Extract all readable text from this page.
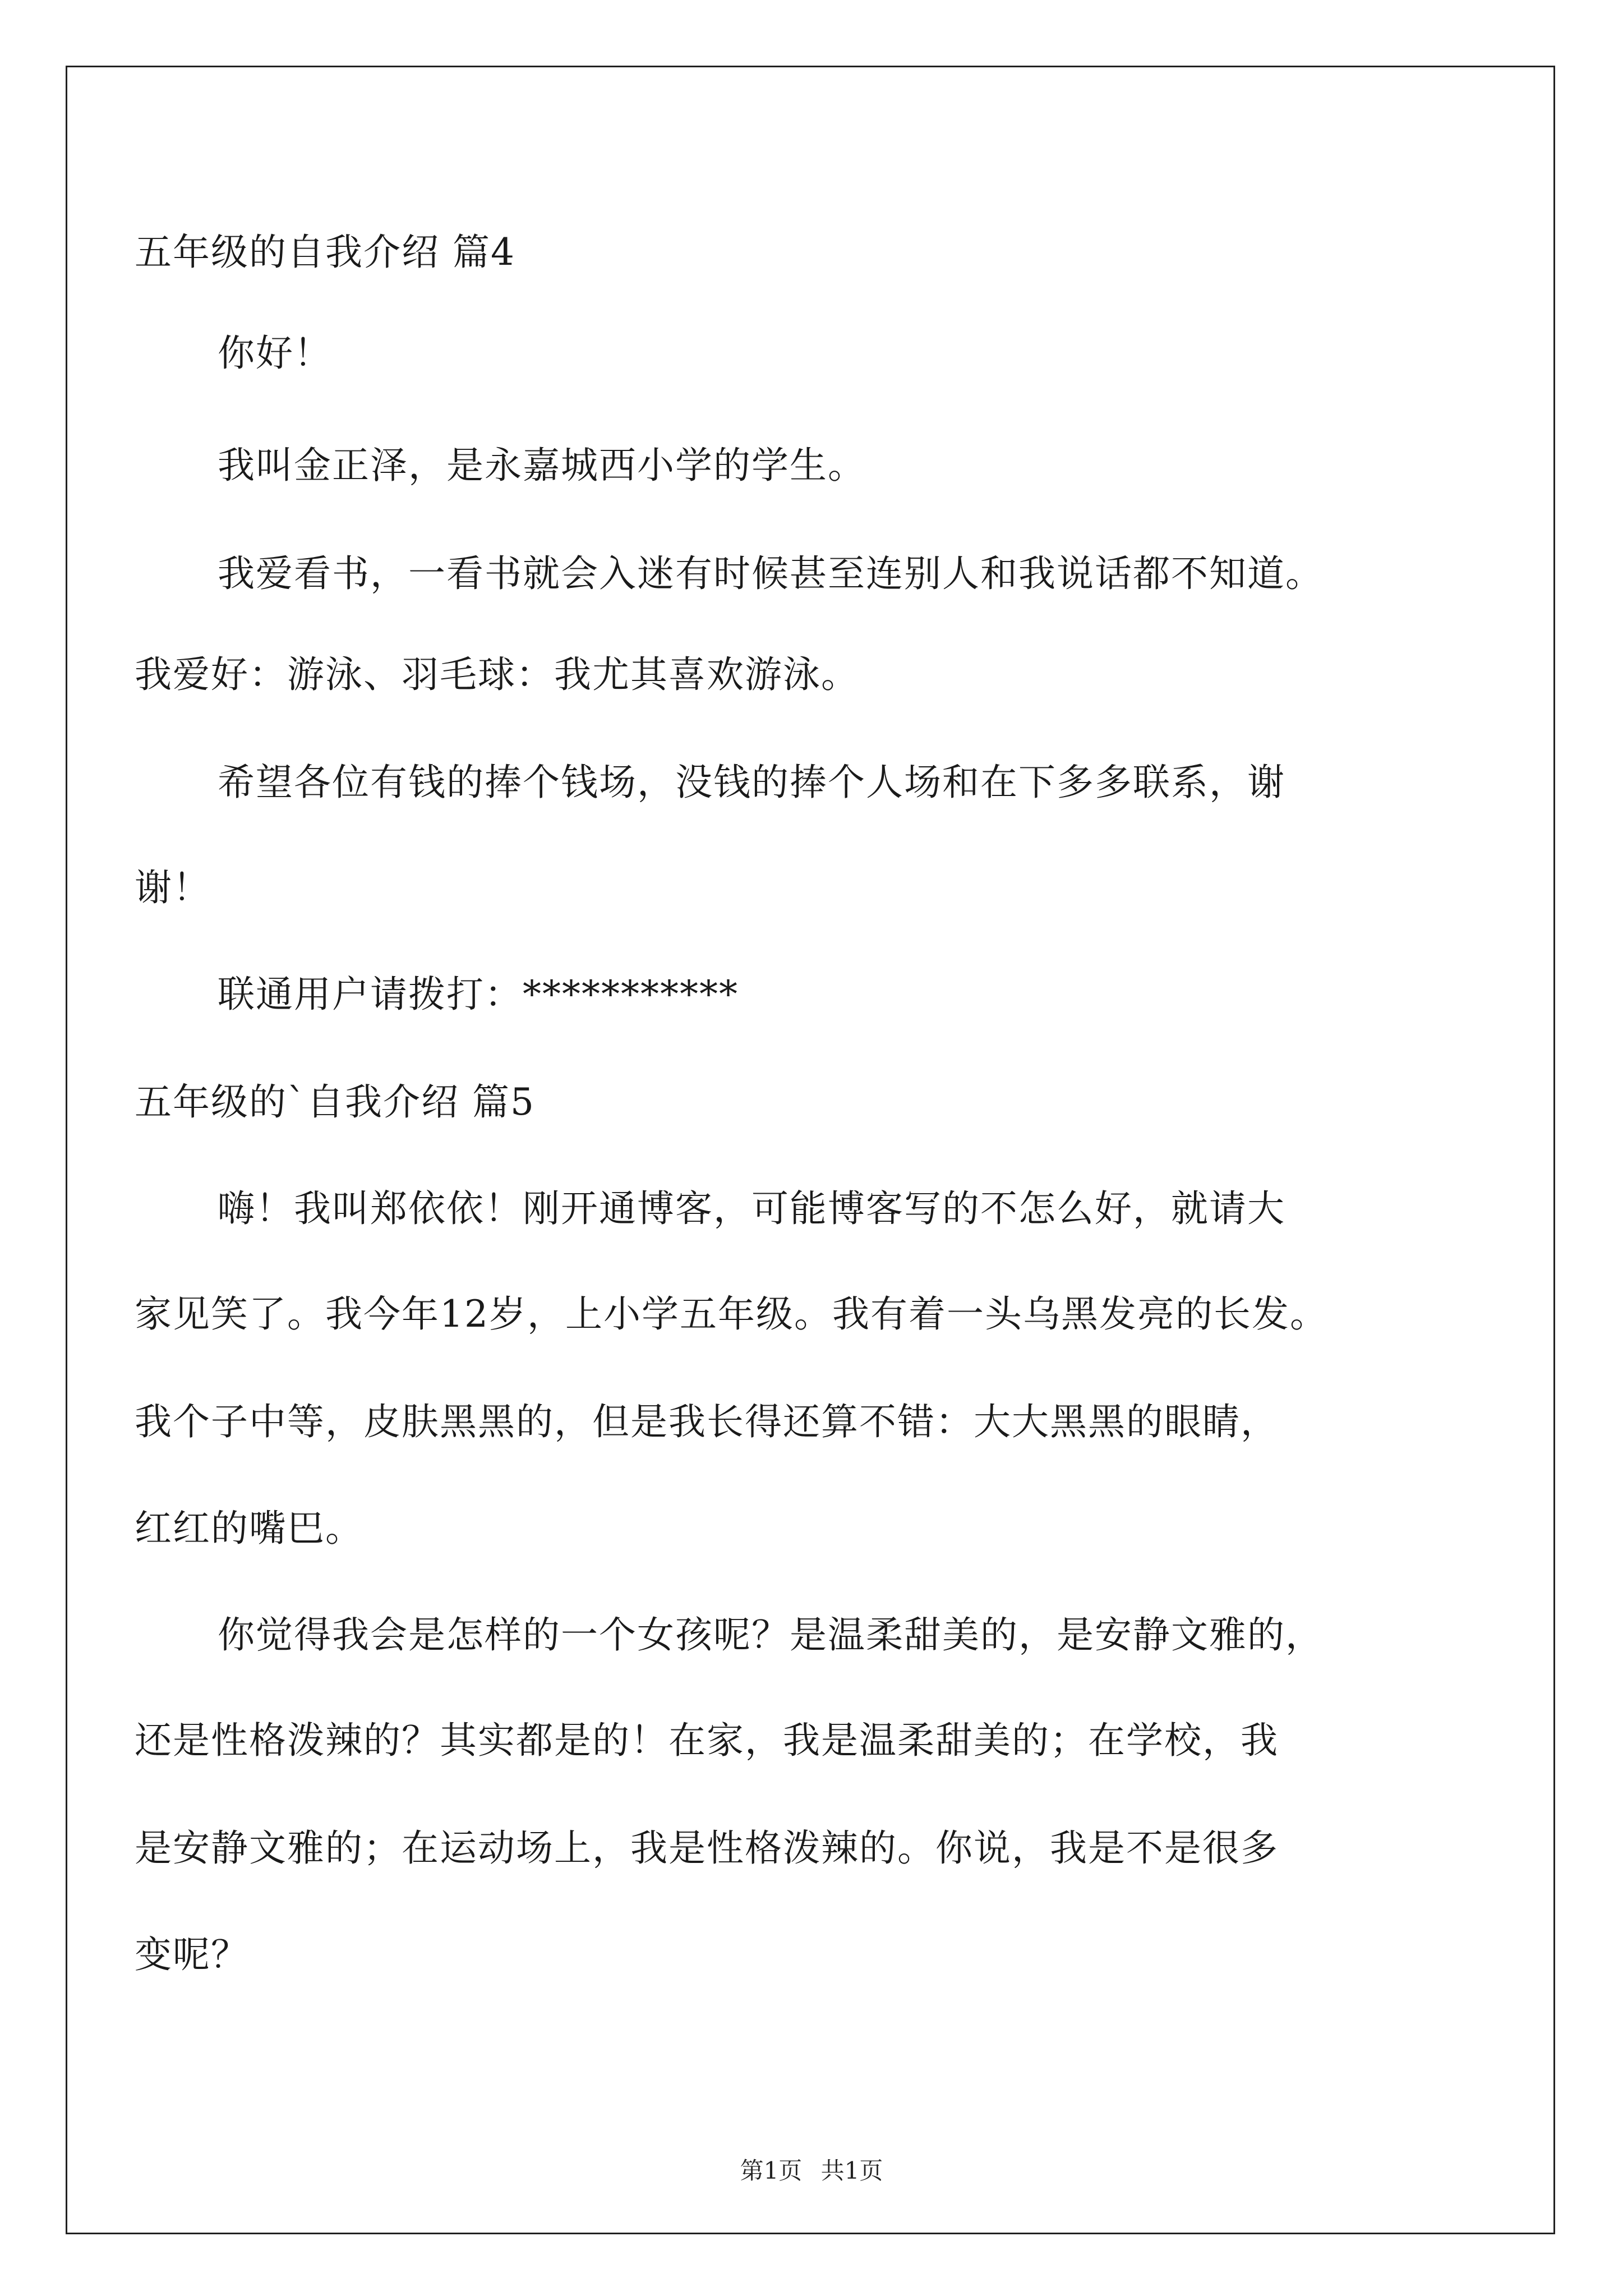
五年级的自我介绍 篇4
你好！
我叫金正泽，是永嘉城西小学的学生。
我爱看书，一看书就会入迷有时候甚至连别人和我说话都不知道。
我爱好：游泳、羽毛球：我尤其喜欢游泳。
希望各位有钱的捧个钱场，没钱的捧个人场和在下多多联系，谢
谢！
联通用户请拨打：***********
五年级的`自我介绍 篇5
嗨！我叫郑依依！刚开通博客，可能博客写的不怎么好，就请大
家见笑了。我今年12岁，上小学五年级。我有着一头乌黑发亮的长发。
我个子中等，皮肤黑黑的，但是我长得还算不错：大大黑黑的眼睛，
红红的嘴巴。
你觉得我会是怎样的一个女孩呢？是温柔甜美的，是安静文雅的，
还是性格泼辣的？其实都是的！在家，我是温柔甜美的；在学校，我
是安静文雅的；在运动场上，我是性格泼辣的。你说，我是不是很多
变呢？
第1页 共1页
